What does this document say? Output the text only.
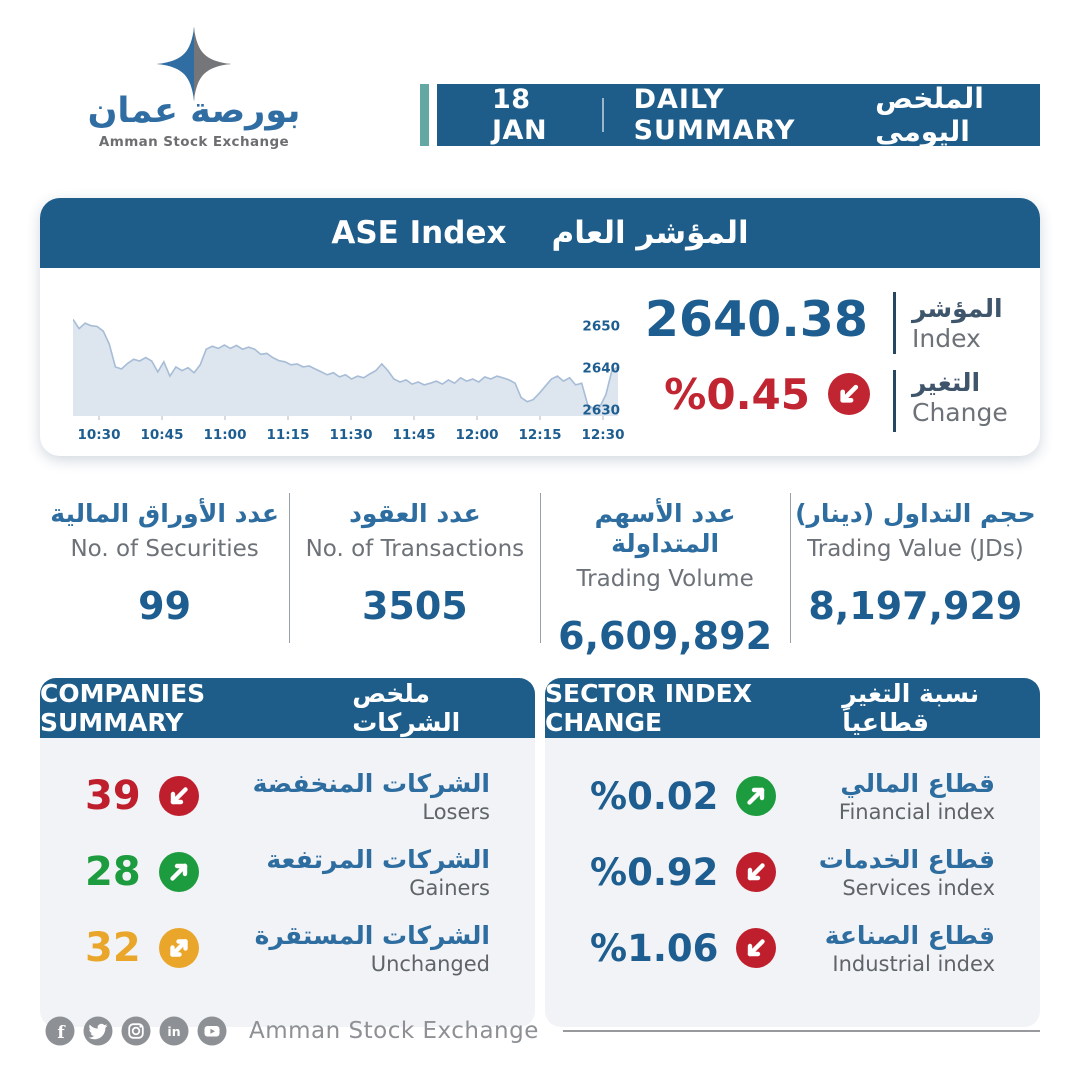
بورصة عمان
Amman Stock Exchange
18 JAN
DAILY SUMMARY
الملخص اليومي
ASE Index المؤشر العام
10:30 10:45 11:00 11:15 11:30 11:45 12:00 12:15 12:30
2650
2640
2630
2640.38 المؤشر
Index
%0.45	التغير
Change
عدد الأوراق المالية
No. of Securities
99
عدد العقود
No. of Transactions
3505
عدد الأسهم المتداولة
Trading Volume
6,609,892
حجم التداول (دينار)
Trading Value (JDs)
8,197,929
COMPANIES SUMMARY
ملخص الشركات
39	الشركات المنخفضة
Losers
28	الشركات المرتفعة
Gainers
32	الشركات المستقرة
Unchanged
SECTOR INDEX CHANGE
نسبة التغير قطاعياً
%0.02	قطاع المالي
Financial index
%0.92	قطاع الخدمات
Services index
%1.06	قطاع الصناعة
Industrial index
f	in	Amman Stock Exchange
